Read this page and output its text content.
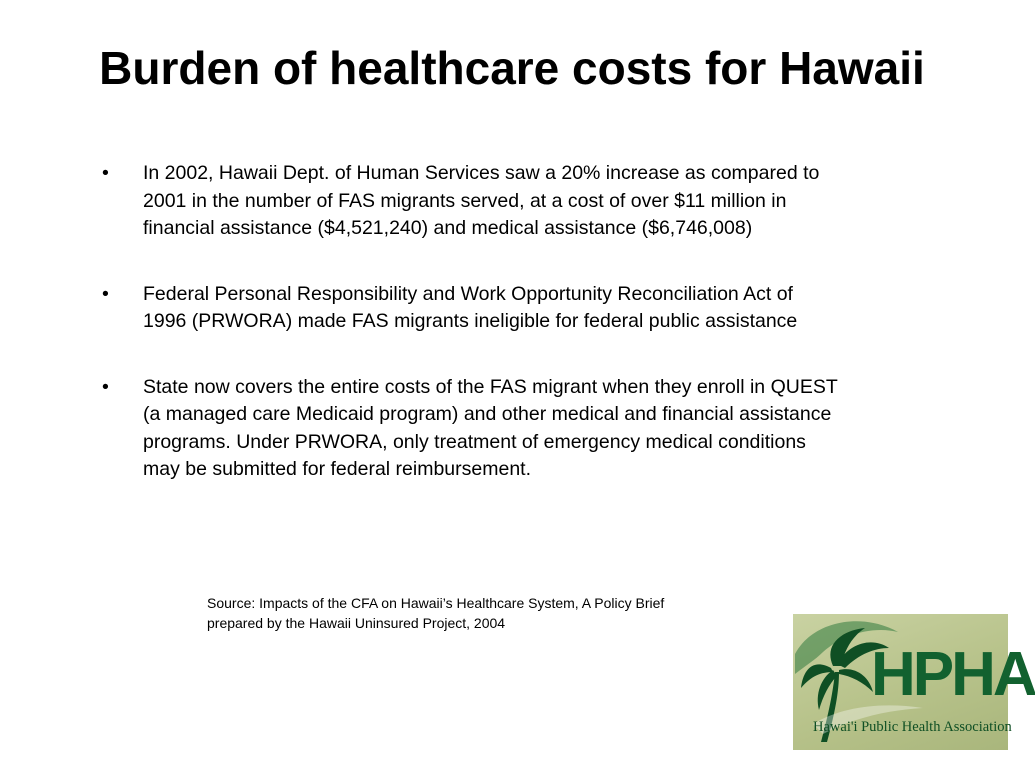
Burden of healthcare costs for Hawaii
• In 2002, Hawaii Dept. of Human Services saw a 20% increase as compared to 2001 in the number of FAS migrants served, at a cost of over $11 million in financial assistance ($4,521,240) and medical assistance ($6,746,008)
• Federal Personal Responsibility and Work Opportunity Reconciliation Act of 1996 (PRWORA) made FAS migrants ineligible for federal public assistance
• State now covers the entire costs of the FAS migrant when they enroll in QUEST (a managed care Medicaid program) and other medical and financial assistance programs. Under PRWORA, only treatment of emergency medical conditions may be submitted for federal reimbursement.
Source: Impacts of the CFA on Hawaii’s Healthcare System, A Policy Brief
prepared by the Hawaii Uninsured Project, 2004
HPHA
Hawai'i Public Health Association
